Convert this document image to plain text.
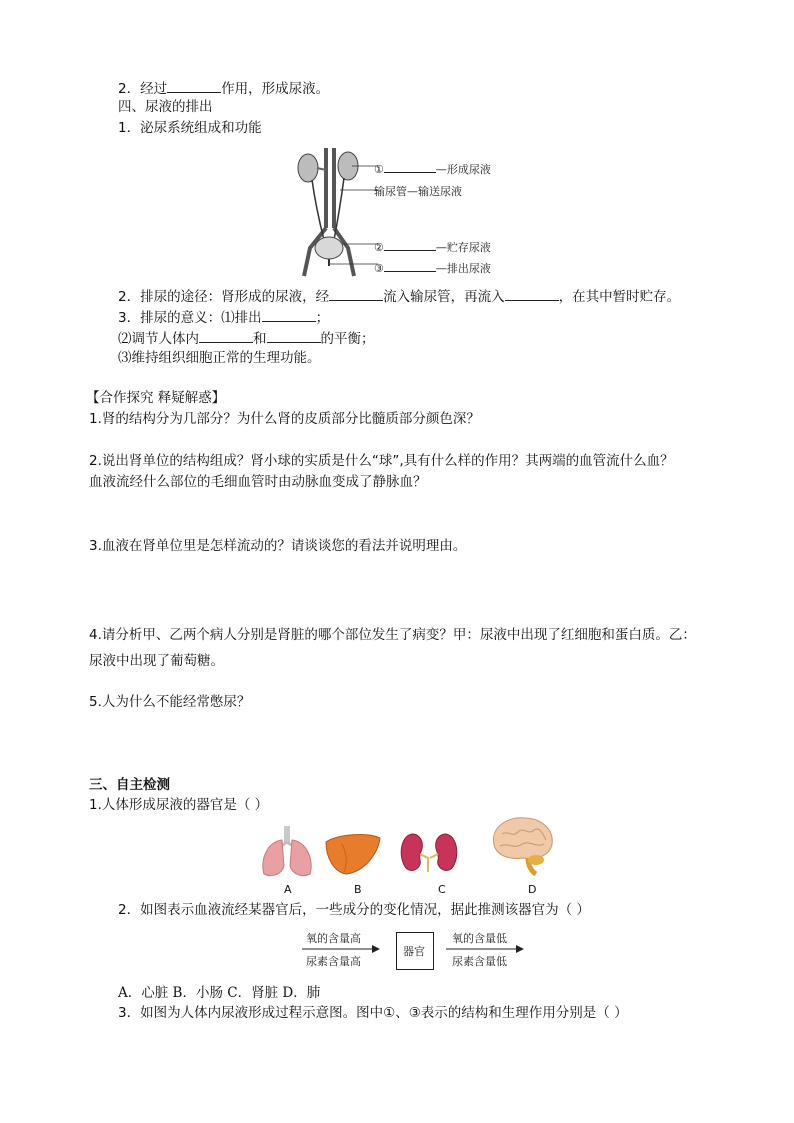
2．经过	作用，形成尿液。
四、尿液的排出
1．泌尿系统组成和功能
①	—形成尿液
输尿管—输送尿液
②	—贮存尿液
③	—排出尿液
2．排尿的途径：肾形成的尿液，经	流入输尿管，再流入	，在其中暂时贮存。
3．排尿的意义：⑴排出	；
⑵调节人体内	和	的平衡；
⑶维持组织细胞正常的生理功能。
【合作探究 释疑解惑】
1.肾的结构分为几部分？为什么肾的皮质部分比髓质部分颜色深？
2.说出肾单位的结构组成？肾小球的实质是什么“球”,具有什么样的作用？其两端的血管流什么血？
血液流经什么部位的毛细血管时由动脉血变成了静脉血？
3.血液在肾单位里是怎样流动的？请谈谈您的看法并说明理由。
4.请分析甲、乙两个病人分别是肾脏的哪个部位发生了病变？甲：尿液中出现了红细胞和蛋白质。乙：
尿液中出现了葡萄糖。
5.人为什么不能经常憋尿？
三、自主检测
1.人体形成尿液的器官是（ ）
A	B	C	D
2．如图表示血液流经某器官后，一些成分的变化情况，据此推测该器官为（ ）
氧的含量高
尿素含量高
器官
氧的含量低
尿素含量低
A．心脏 B．小肠 C．肾脏 D．肺
3．如图为人体内尿液形成过程示意图。图中①、③表示的结构和生理作用分别是（ ）
